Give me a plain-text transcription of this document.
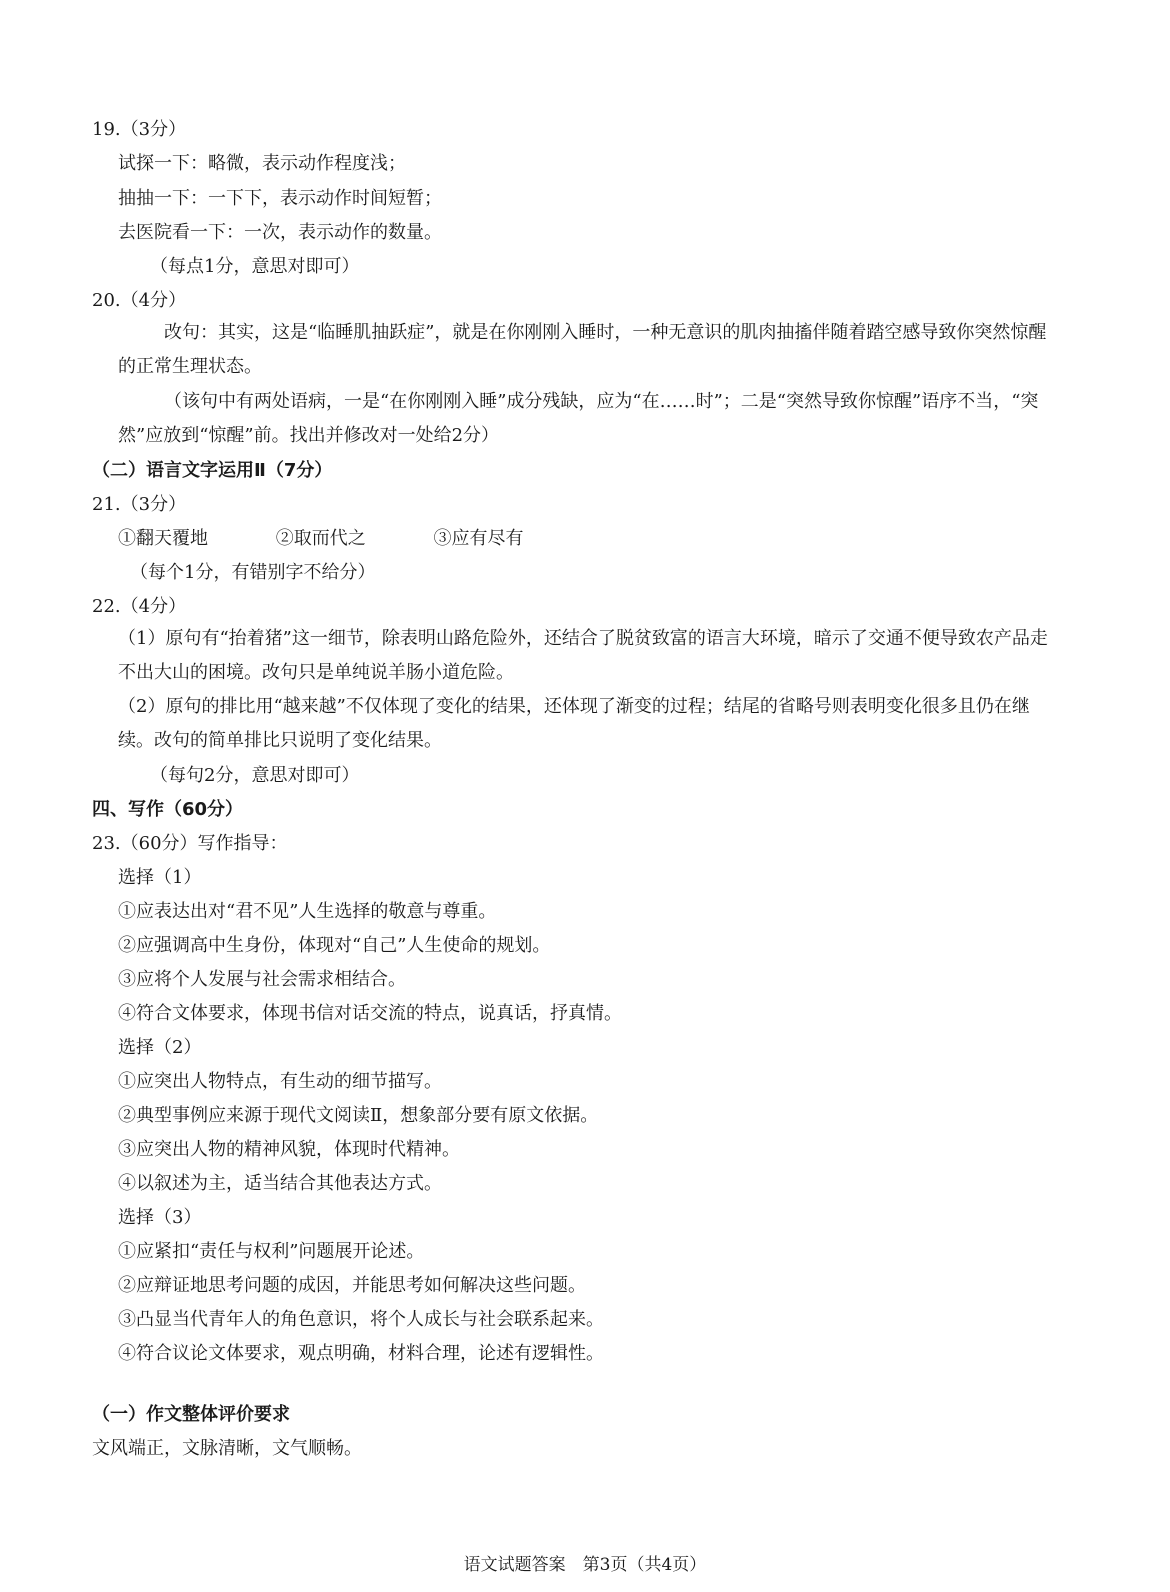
19.（3分）
试探一下：略微，表示动作程度浅；
抽抽一下：一下下，表示动作时间短暂；
去医院看一下：一次，表示动作的数量。
（每点1分，意思对即可）
20.（4分）
改句：其实，这是“临睡肌抽跃症”，就是在你刚刚入睡时，一种无意识的肌肉抽搐伴随着踏空感导致你突然惊醒的正常生理状态。
（该句中有两处语病，一是“在你刚刚入睡”成分残缺，应为“在……时”；二是“突然导致你惊醒”语序不当，“突然”应放到“惊醒”前。找出并修改对一处给2分）
（二）语言文字运用Ⅱ（7分）
21.（3分）
①翻天覆地	②取而代之	③应有尽有
（每个1分，有错别字不给分）
22.（4分）
（1）原句有“抬着猪”这一细节，除表明山路危险外，还结合了脱贫致富的语言大环境，暗示了交通不便导致农产品走不出大山的困境。改句只是单纯说羊肠小道危险。
（2）原句的排比用“越来越”不仅体现了变化的结果，还体现了渐变的过程；结尾的省略号则表明变化很多且仍在继续。改句的简单排比只说明了变化结果。
（每句2分，意思对即可）
四、写作（60分）
23.（60分）写作指导：
选择（1）
①应表达出对“君不见”人生选择的敬意与尊重。
②应强调高中生身份，体现对“自己”人生使命的规划。
③应将个人发展与社会需求相结合。
④符合文体要求，体现书信对话交流的特点，说真话，抒真情。
选择（2）
①应突出人物特点，有生动的细节描写。
②典型事例应来源于现代文阅读Ⅱ，想象部分要有原文依据。
③应突出人物的精神风貌，体现时代精神。
④以叙述为主，适当结合其他表达方式。
选择（3）
①应紧扣“责任与权利”问题展开论述。
②应辩证地思考问题的成因，并能思考如何解决这些问题。
③凸显当代青年人的角色意识，将个人成长与社会联系起来。
④符合议论文体要求，观点明确，材料合理，论述有逻辑性。
（一）作文整体评价要求
文风端正，文脉清晰，文气顺畅。
语文试题答案　第3页（共4页）
